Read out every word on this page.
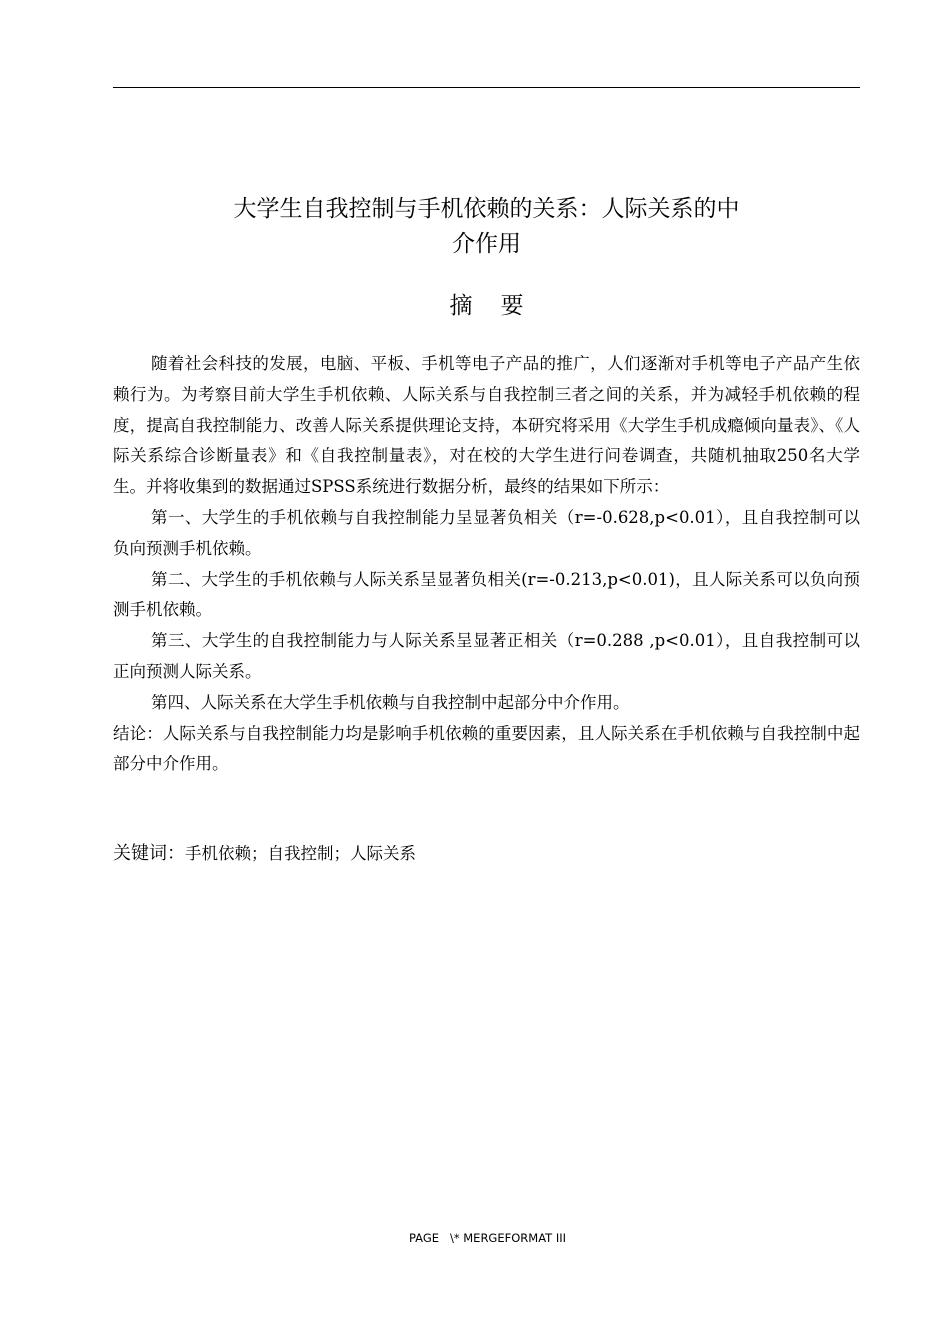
大学生自我控制与手机依赖的关系：人际关系的中
介作用
摘要

随着社会科技的发展，电脑、平板、手机等电子产品的推广，人们逐渐对手机等电子产品产生依赖行为。为考察目前大学生手机依赖、人际关系与自我控制三者之间的关系，并为减轻手机依赖的程度，提高自我控制能力、改善人际关系提供理论支持，本研究将采用《大学生手机成瘾倾向量表》、《人际关系综合诊断量表》和《自我控制量表》，对在校的大学生进行问卷调查，共随机抽取250名大学生。并将收集到的数据通过SPSS系统进行数据分析，最终的结果如下所示：

第一、大学生的手机依赖与自我控制能力呈显著负相关（r=-0.628,p<0.01），且自我控制可以负向预测手机依赖。

第二、大学生的手机依赖与人际关系呈显著负相关(r=-0.213,p<0.01)，且人际关系可以负向预测手机依赖。

第三、大学生的自我控制能力与人际关系呈显著正相关（r=0.288 ,p<0.01），且自我控制可以正向预测人际关系。

第四、人际关系在大学生手机依赖与自我控制中起部分中介作用。

结论：人际关系与自我控制能力均是影响手机依赖的重要因素，且人际关系在手机依赖与自我控制中起部分中介作用。

关键词：手机依赖；自我控制；人际关系
PAGE   \* MERGEFORMAT III
